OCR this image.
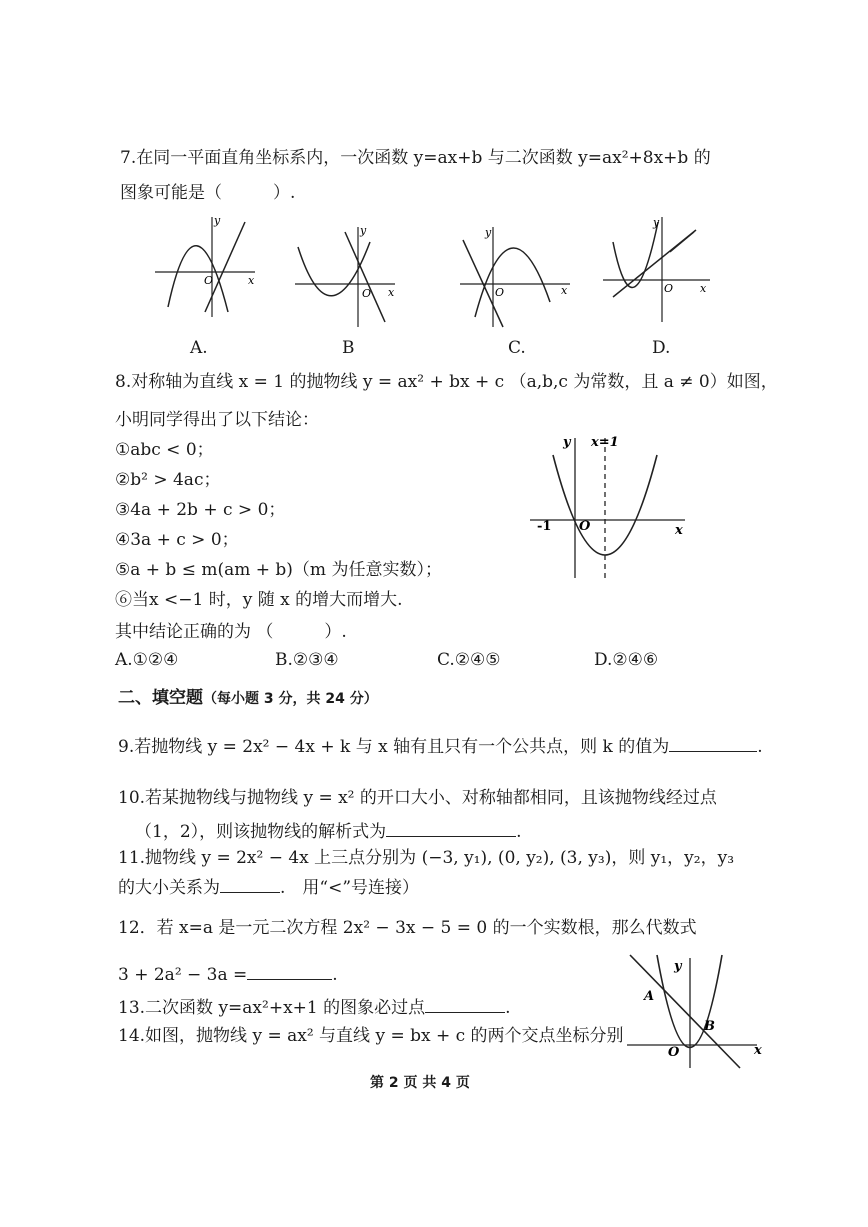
7.在同一平面直角坐标系内，一次函数 y=ax+b 与二次函数 y=ax²+8x+b 的
图象可能是（　　　）.
y
x
O
A.
y
x
O
B
y
x
O
C.
y
x
O
D.
8.对称轴为直线 x = 1 的抛物线 y = ax² + bx + c （a,b,c 为常数，且 a ≠ 0）如图，
小明同学得出了以下结论：
①abc < 0；
②b² > 4ac；
③4a + 2b + c > 0；
④3a + c > 0；
⑤a + b ≤ m(am + b)（m 为任意实数）；
⑥当x <−1 时，y 随 x 的增大而增大.
其中结论正确的为 （　　　）.
A.①②④	B.②③④	C.②④⑤	D.②④⑥
y x=1
x
-1 O
二、填空题（每小题 3 分，共 24 分）
9.若抛物线 y = 2x² − 4x + k 与 x 轴有且只有一个公共点，则 k 的值为	.
10.若某抛物线与抛物线 y = x² 的开口大小、对称轴都相同，且该抛物线经过点
（1，2），则该抛物线的解析式为	.
11.抛物线 y = 2x² − 4x 上三点分别为 (−3, y₁), (0, y₂), (3, y₃)，则 y₁，y₂，y₃
的大小关系为	.　用“<”号连接）
12．若 x=a 是一元二次方程 2x² − 3x − 5 = 0 的一个实数根，那么代数式
3 + 2a² − 3a =	.
13.二次函数 y=ax²+x+1 的图象必过点	.
14.如图，抛物线 y = ax² 与直线 y = bx + c 的两个交点坐标分别
y
x
O
A
B
第 2 页 共 4 页
